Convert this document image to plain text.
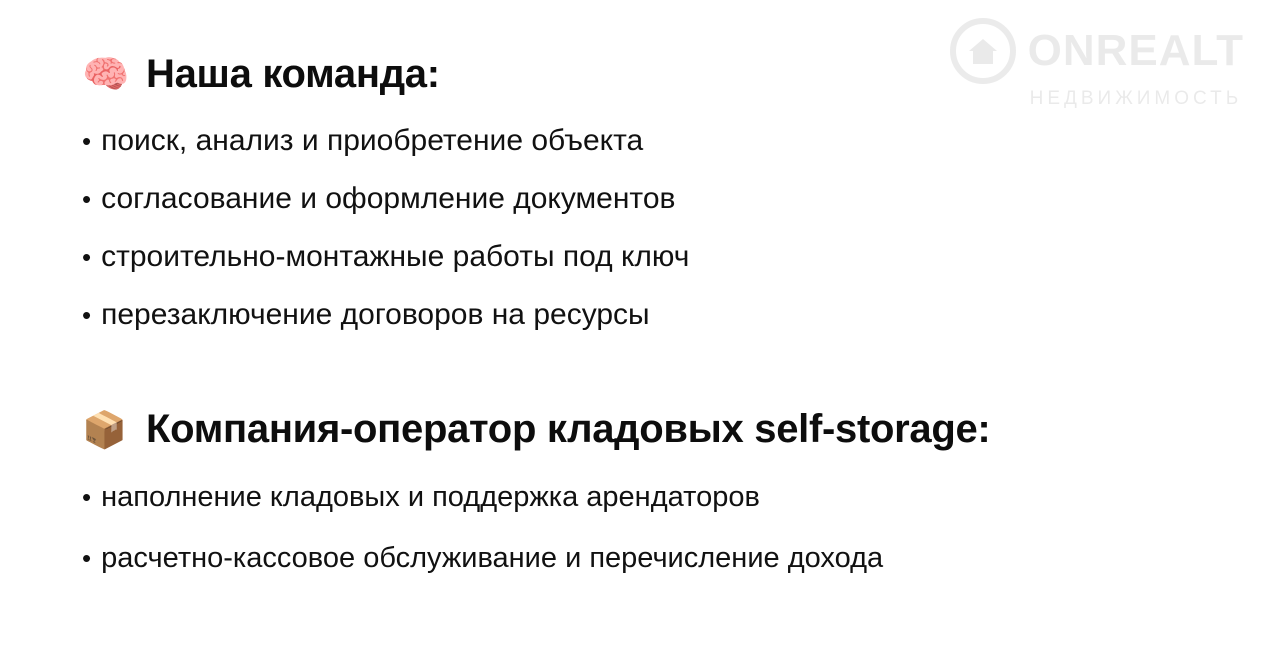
ONREALT
НЕДВИЖИМОСТЬ
🧠 Наша команда:
• поиск, анализ и приобретение объекта
• согласование и оформление документов
• строительно-монтажные работы под ключ
• перезаключение договоров на ресурсы
📦 Компания-оператор кладовых self-storage:
• наполнение кладовых и поддержка арендаторов
• расчетно-кассовое обслуживание и перечисление дохода
